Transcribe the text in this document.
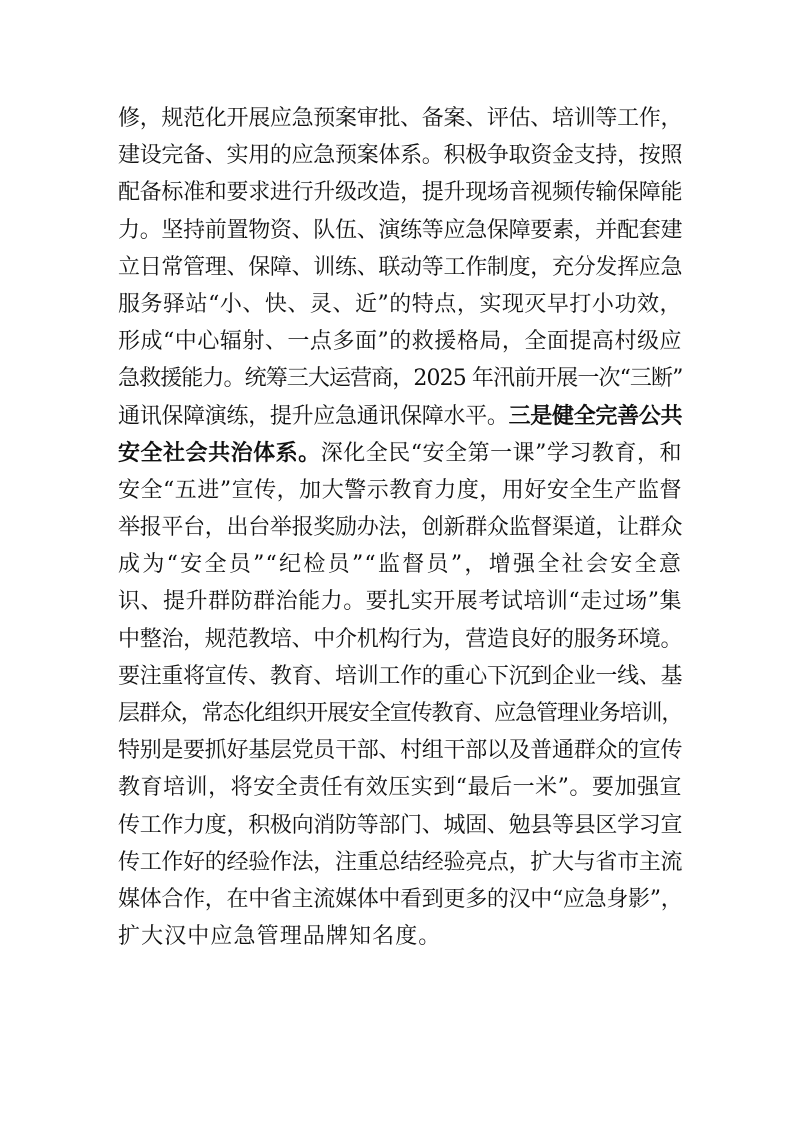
修，规范化开展应急预案审批、备案、评估、培训等工作，
建设完备、实用的应急预案体系。积极争取资金支持，按照
配备标准和要求进行升级改造，提升现场音视频传输保障能
力。坚持前置物资、队伍、演练等应急保障要素，并配套建
立日常管理、保障、训练、联动等工作制度，充分发挥应急
服务驿站“小、快、灵、近”的特点，实现灭早打小功效，
形成“中心辐射、一点多面”的救援格局，全面提高村级应
急救援能力。统筹三大运营商，2025 年汛前开展一次“三断”
通讯保障演练，提升应急通讯保障水平。三是健全完善公共
安全社会共治体系。深化全民“安全第一课”学习教育，和
安全“五进”宣传，加大警示教育力度，用好安全生产监督
举报平台，出台举报奖励办法，创新群众监督渠道，让群众
成为“安全员”“纪检员”“监督员”，增强全社会安全意
识、提升群防群治能力。要扎实开展考试培训“走过场”集
中整治，规范教培、中介机构行为，营造良好的服务环境。
要注重将宣传、教育、培训工作的重心下沉到企业一线、基
层群众，常态化组织开展安全宣传教育、应急管理业务培训，
特别是要抓好基层党员干部、村组干部以及普通群众的宣传
教育培训，将安全责任有效压实到“最后一米”。要加强宣
传工作力度，积极向消防等部门、城固、勉县等县区学习宣
传工作好的经验作法，注重总结经验亮点，扩大与省市主流
媒体合作，在中省主流媒体中看到更多的汉中“应急身影”，
扩大汉中应急管理品牌知名度。
